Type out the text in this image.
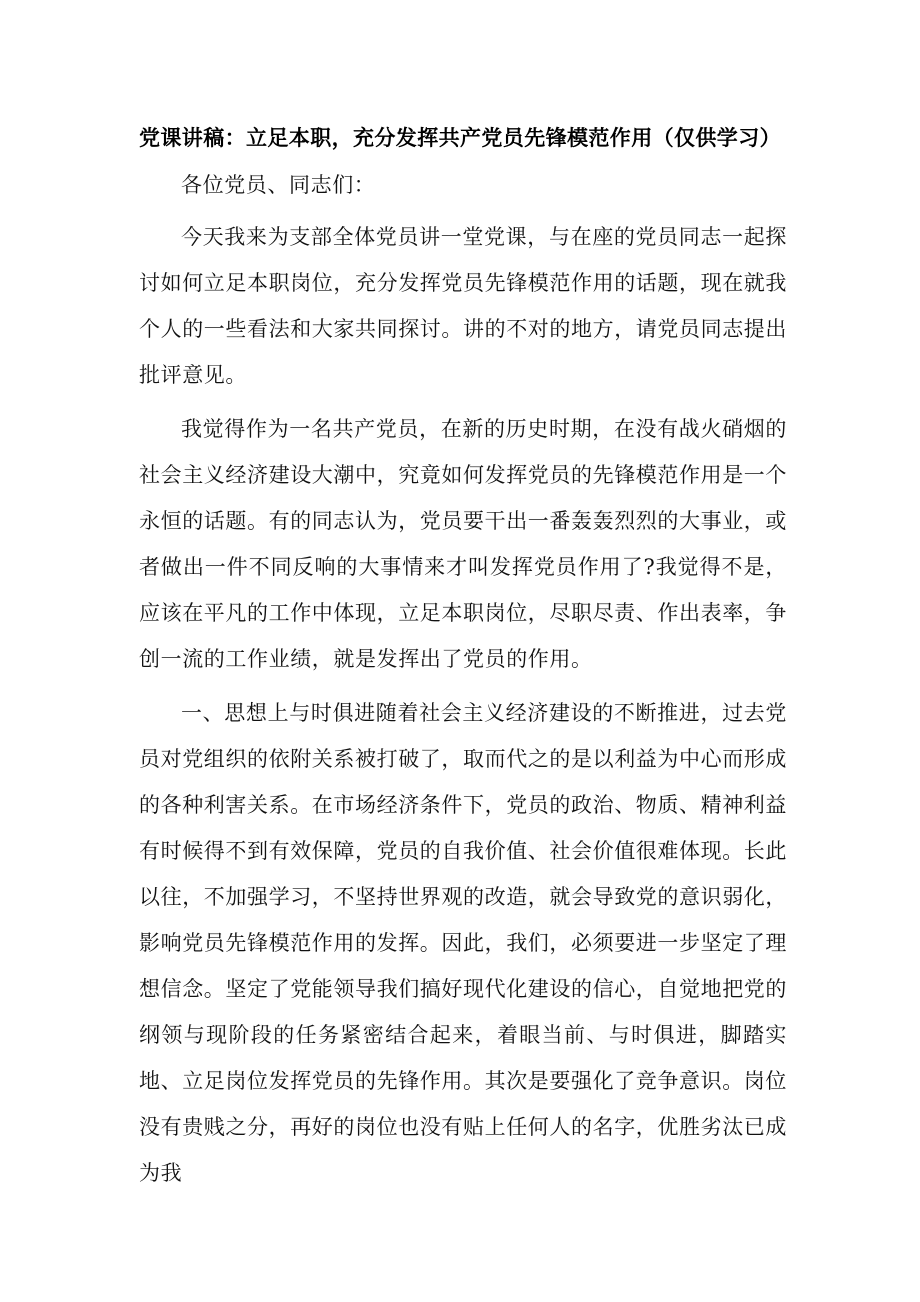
党课讲稿：立足本职，充分发挥共产党员先锋模范作用（仅供学习）

各位党员、同志们：

今天我来为支部全体党员讲一堂党课，与在座的党员同志一起探讨如何立足本职岗位，充分发挥党员先锋模范作用的话题，现在就我个人的一些看法和大家共同探讨。讲的不对的地方，请党员同志提出批评意见。

我觉得作为一名共产党员，在新的历史时期，在没有战火硝烟的社会主义经济建设大潮中，究竟如何发挥党员的先锋模范作用是一个永恒的话题。有的同志认为，党员要干出一番轰轰烈烈的大事业，或者做出一件不同反响的大事情来才叫发挥党员作用了?我觉得不是，应该在平凡的工作中体现，立足本职岗位，尽职尽责、作出表率，争创一流的工作业绩，就是发挥出了党员的作用。

一、思想上与时俱进随着社会主义经济建设的不断推进，过去党员对党组织的依附关系被打破了，取而代之的是以利益为中心而形成的各种利害关系。在市场经济条件下，党员的政治、物质、精神利益有时候得不到有效保障，党员的自我价值、社会价值很难体现。长此以往，不加强学习，不坚持世界观的改造，就会导致党的意识弱化，影响党员先锋模范作用的发挥。因此，我们，必须要进一步坚定了理想信念。坚定了党能领导我们搞好现代化建设的信心，自觉地把党的纲领与现阶段的任务紧密结合起来，着眼当前、与时俱进，脚踏实地、立足岗位发挥党员的先锋作用。其次是要强化了竞争意识。岗位没有贵贱之分，再好的岗位也没有贴上任何人的名字，优胜劣汰已成为我
